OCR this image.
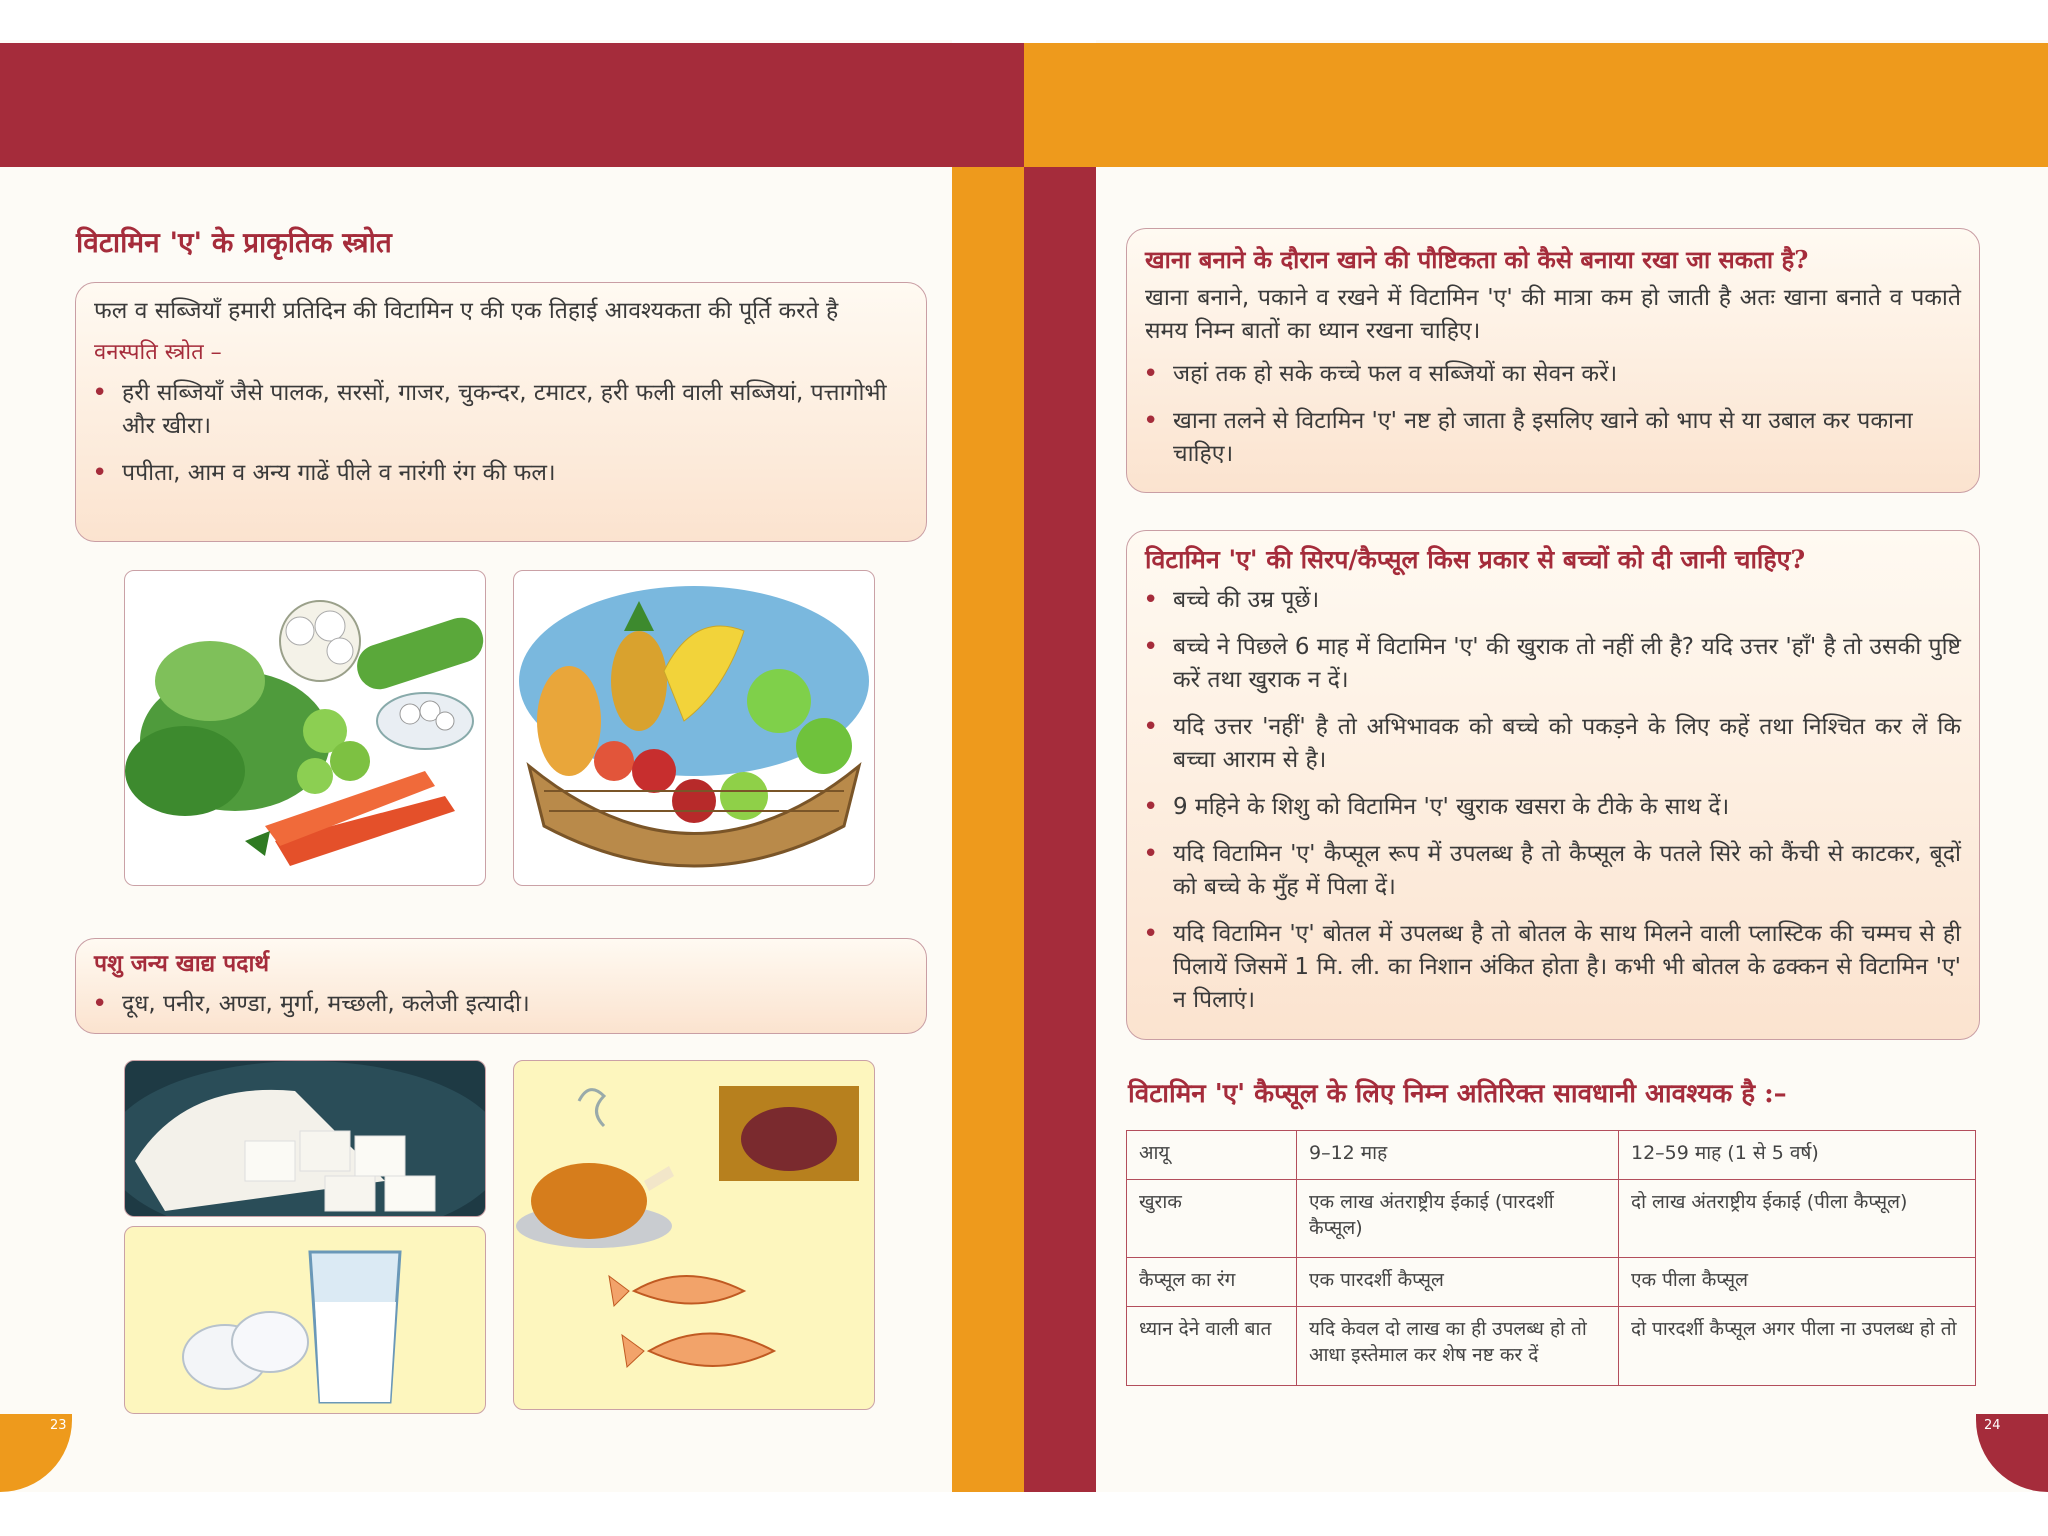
विटामिन 'ए' के प्राकृतिक स्त्रोत

फल व सब्जियाँ हमारी प्रतिदिन की विटामिन ए की एक तिहाई आवश्यकता की पूर्ति करते है

वनस्पति स्त्रोत –

• हरी सब्जियाँ जैसे पालक, सरसों, गाजर, चुकन्दर, टमाटर, हरी फली वाली सब्जियां, पत्तागोभी और खीरा।
• पपीता, आम व अन्य गाढें पीले व नारंगी रंग की फल।

पशु जन्य खाद्य पदार्थ

• दूध, पनीर, अण्डा, मुर्गा, मच्छली, कलेजी इत्यादी।
23

खाना बनाने के दौरान खाने की पौष्टिकता को कैसे बनाया रखा जा सकता है?

खाना बनाने, पकाने व रखने में विटामिन 'ए' की मात्रा कम हो जाती है अतः खाना बनाते व पकाते समय निम्न बातों का ध्यान रखना चाहिए।

• जहां तक हो सके कच्चे फल व सब्जियों का सेवन करें।
• खाना तलने से विटामिन 'ए' नष्ट हो जाता है इसलिए खाने को भाप से या उबाल कर पकाना चाहिए।

विटामिन 'ए' की सिरप/कैप्सूल किस प्रकार से बच्चों को दी जानी चाहिए?

• बच्चे की उम्र पूछें।
• बच्चे ने पिछले 6 माह में विटामिन 'ए' की खुराक तो नहीं ली है? यदि उत्तर 'हाँ' है तो उसकी पुष्टि करें तथा खुराक न दें।
• यदि उत्तर 'नहीं' है तो अभिभावक को बच्चे को पकड़ने के लिए कहें तथा निश्चित कर लें कि बच्चा आराम से है।
• 9 महिने के शिशु को विटामिन 'ए' खुराक खसरा के टीके के साथ दें।
• यदि विटामिन 'ए' कैप्सूल रूप में उपलब्ध है तो कैप्सूल के पतले सिरे को कैंची से काटकर, बूदों को बच्चे के मुँह में पिला दें।
• यदि विटामिन 'ए' बोतल में उपलब्ध है तो बोतल के साथ मिलने वाली प्लास्टिक की चम्मच से ही पिलायें जिसमें 1 मि. ली. का निशान अंकित होता है। कभी भी बोतल के ढक्कन से विटामिन 'ए' न पिलाएं।
विटामिन 'ए' कैप्सूल के लिए निम्न अतिरिक्त सावधानी आवश्यक है :–
आयू	9–12 माह	12–59 माह (1 से 5 वर्ष)
खुराक	एक लाख अंतराष्ट्रीय ईकाई (पारदर्शी कैप्सूल)	दो लाख अंतराष्ट्रीय ईकाई (पीला कैप्सूल)
कैप्सूल का रंग	एक पारदर्शी कैप्सूल	एक पीला कैप्सूल
ध्यान देने वाली बात	यदि केवल दो लाख का ही उपलब्ध हो तो आधा इस्तेमाल कर शेष नष्ट कर दें	दो पारदर्शी कैप्सूल अगर पीला ना उपलब्ध हो तो
24
